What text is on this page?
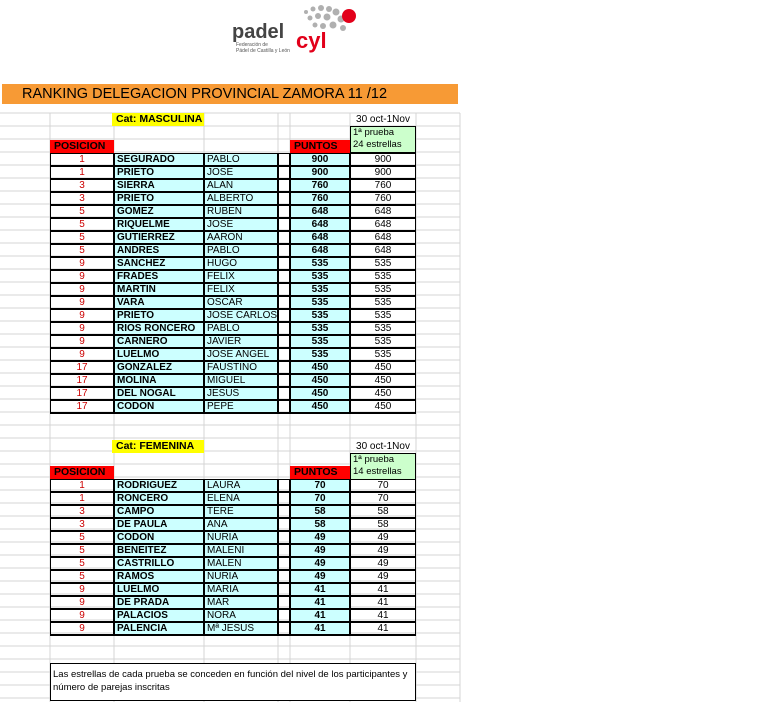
padel cyl
Federación de
Pádel de Castilla y León
RANKING DELEGACION PROVINCIAL ZAMORA 11 /12
Cat: MASCULINA	30 oct-1Nov
1ª prueba
24 estrellas
POSICION	PUNTOS
1	SEGURADO	PABLO	900	900
1	PRIETO	JOSE	900	900
3	SIERRA	ALAN	760	760
3	PRIETO	ALBERTO	760	760
5	GOMEZ	RUBEN	648	648
5	RIQUELME	JOSE	648	648
5	GUTIERREZ	AARON	648	648
5	ANDRES	PABLO	648	648
9	SANCHEZ	HUGO	535	535
9	FRADES	FELIX	535	535
9	MARTIN	FELIX	535	535
9	VARA	OSCAR	535	535
9	PRIETO	JOSE CARLOS	535	535
9	RIOS RONCERO	PABLO	535	535
9	CARNERO	JAVIER	535	535
9	LUELMO	JOSE ANGEL	535	535
17	GONZALEZ	FAUSTINO	450	450
17	MOLINA	MIGUEL	450	450
17	DEL NOGAL	JESUS	450	450
17	CODON	PEPE	450	450
Cat: FEMENINA	30 oct-1Nov
1ª prueba
14 estrellas
POSICION	PUNTOS
1	RODRIGUEZ	LAURA	70	70
1	RONCERO	ELENA	70	70
3	CAMPO	TERE	58	58
3	DE PAULA	ANA	58	58
5	CODON	NURIA	49	49
5	BENEITEZ	MALENI	49	49
5	CASTRILLO	MALEN	49	49
5	RAMOS	NURIA	49	49
9	LUELMO	MARIA	41	41
9	DE PRADA	MAR	41	41
9	PALACIOS	NORA	41	41
9	PALENCIA	Mª JESUS	41	41
Las estrellas de cada prueba se conceden en función del nivel de los participantes y número de parejas inscritas
